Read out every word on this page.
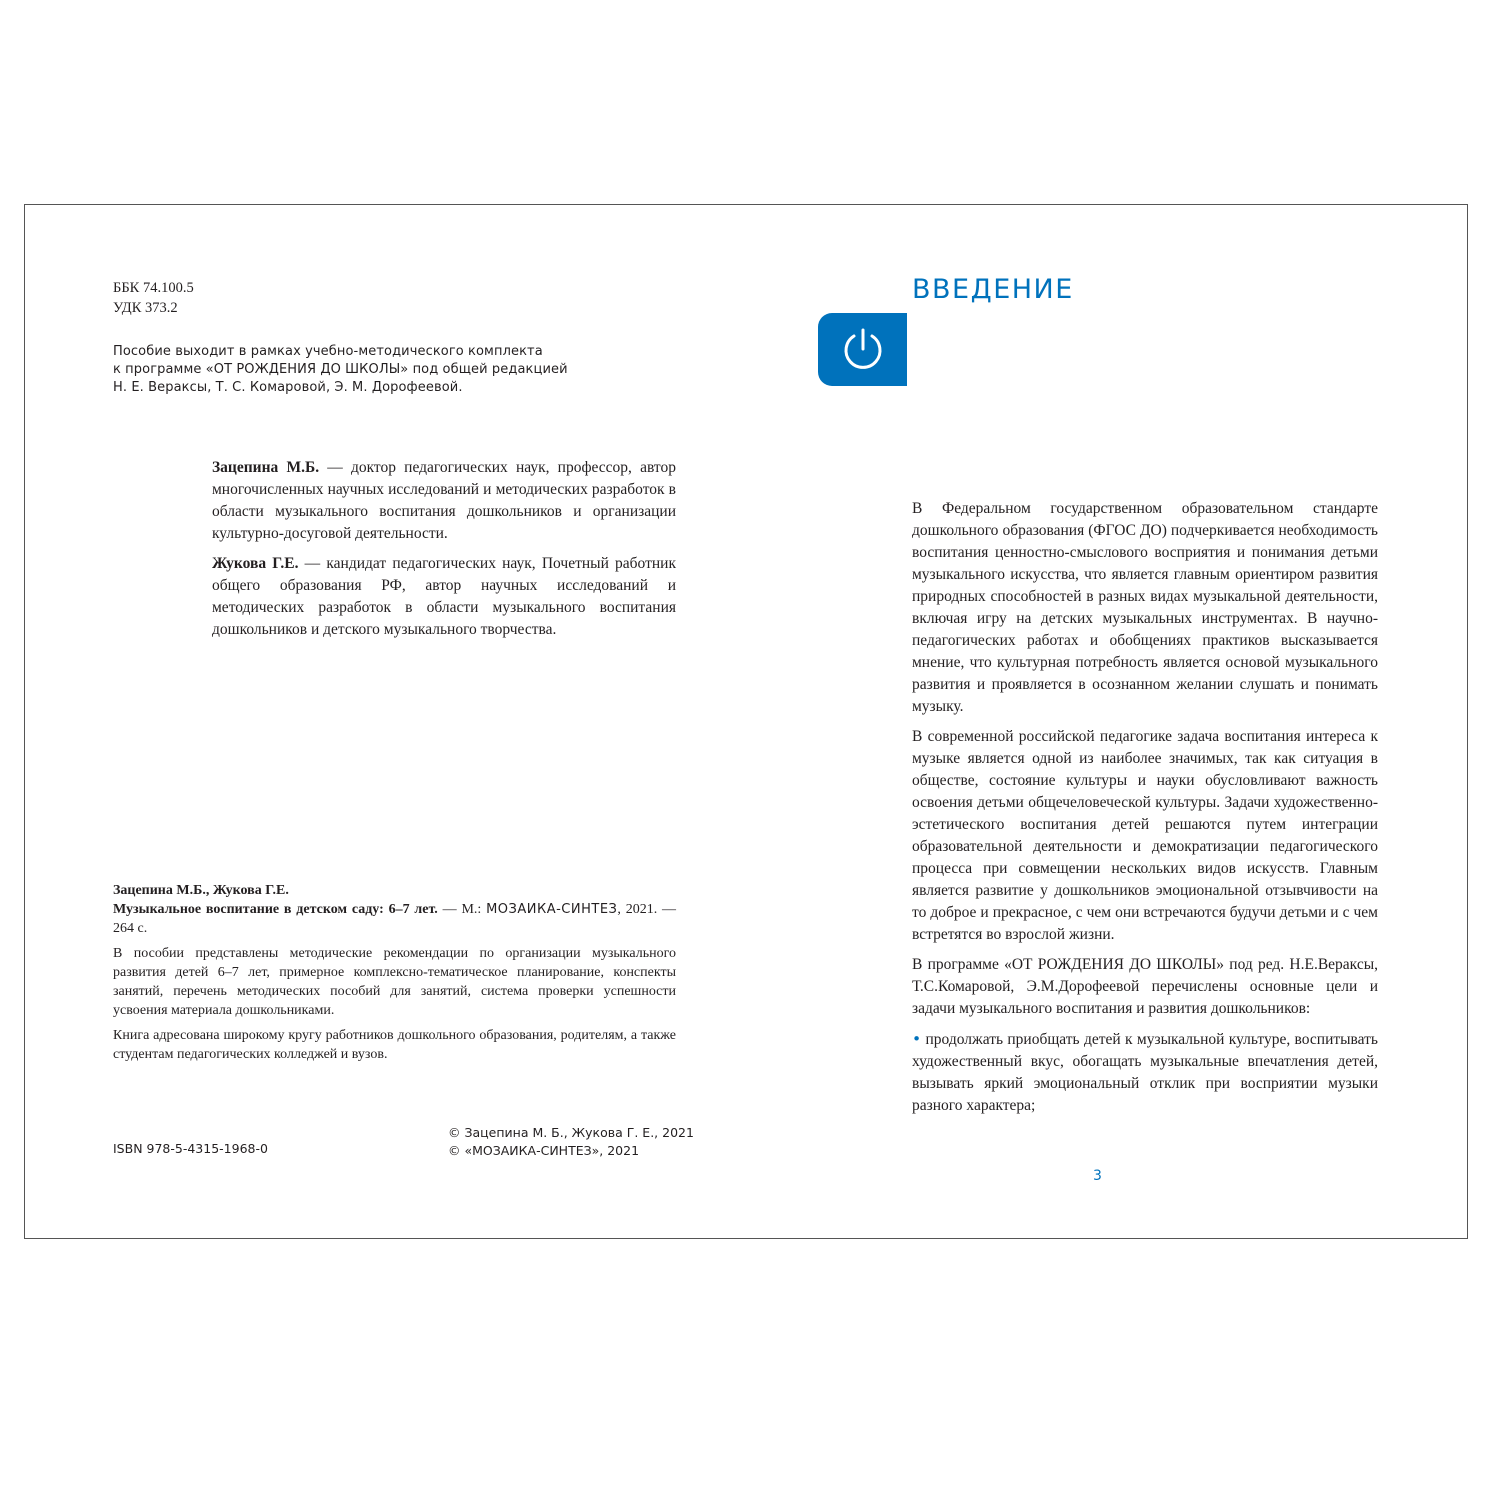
ББК 74.100.5
УДК 373.2
Пособие выходит в рамках учебно-методического комплекта
к программе «ОТ РОЖДЕНИЯ ДО ШКОЛЫ» под общей редакцией
Н. Е. Вераксы, Т. С. Комаровой, Э. М. Дорофеевой.

Зацепина М.Б. — доктор педагогических наук, профессор, автор многочисленных научных исследований и методических разработок в области музыкального воспитания дошкольников и организации культурно-досуговой деятельности.

Жукова Г.Е. — кандидат педагогических наук, Почетный работник общего образования РФ, автор научных исследований и методических разработок в области музыкального воспитания дошкольников и детского музыкального творчества.

Зацепина М.Б., Жукова Г.Е.

Музыкальное воспитание в детском саду: 6–7 лет. — М.: МОЗАИКА-СИНТЕЗ, 2021. — 264 с.

В пособии представлены методические рекомендации по организации музыкального развития детей 6–7 лет, примерное комплексно-тематическое планирование, конспекты занятий, перечень методических пособий для занятий, система проверки успешности усвоения материала дошкольниками.

Книга адресована широкому кругу работников дошкольного образования, родителям, а также студентам педагогических колледжей и вузов.

ISBN 978-5-4315-1968-0
© Зацепина М. Б., Жукова Г. Е., 2021
© «МОЗАИКА-СИНТЕЗ», 2021
ВВЕДЕНИЕ

В Федеральном государственном образовательном стандарте дошкольного образования (ФГОС ДО) подчеркивается необходимость воспитания ценностно-смыслового восприятия и понимания детьми музыкального искусства, что является главным ориентиром развития природных способностей в разных видах музыкальной деятельности, включая игру на детских музыкальных инструментах. В научно-педагогических работах и обобщениях практиков высказывается мнение, что культурная потребность является основой музыкального развития и проявляется в осознанном желании слушать и понимать музыку.

В современной российской педагогике задача воспитания интереса к музыке является одной из наиболее значимых, так как ситуация в обществе, состояние культуры и науки обусловливают важность освоения детьми общечеловеческой культуры. Задачи художественно-эстетического воспитания детей решаются путем интеграции образовательной деятельности и демократизации педагогического процесса при совмещении нескольких видов искусств. Главным является развитие у дошкольников эмоциональной отзывчивости на то доброе и прекрасное, с чем они встречаются будучи детьми и с чем встретятся во взрослой жизни.

В программе «ОТ РОЖДЕНИЯ ДО ШКОЛЫ» под ред. Н.Е.Вераксы, Т.С.Комаровой, Э.М.Дорофеевой перечислены основные цели и задачи музыкального воспитания и развития дошкольников:

• продолжать приобщать детей к музыкальной культуре, воспитывать художественный вкус, обогащать музыкальные впечатления детей, вызывать яркий эмоциональный отклик при восприятии музыки разного характера;

3
